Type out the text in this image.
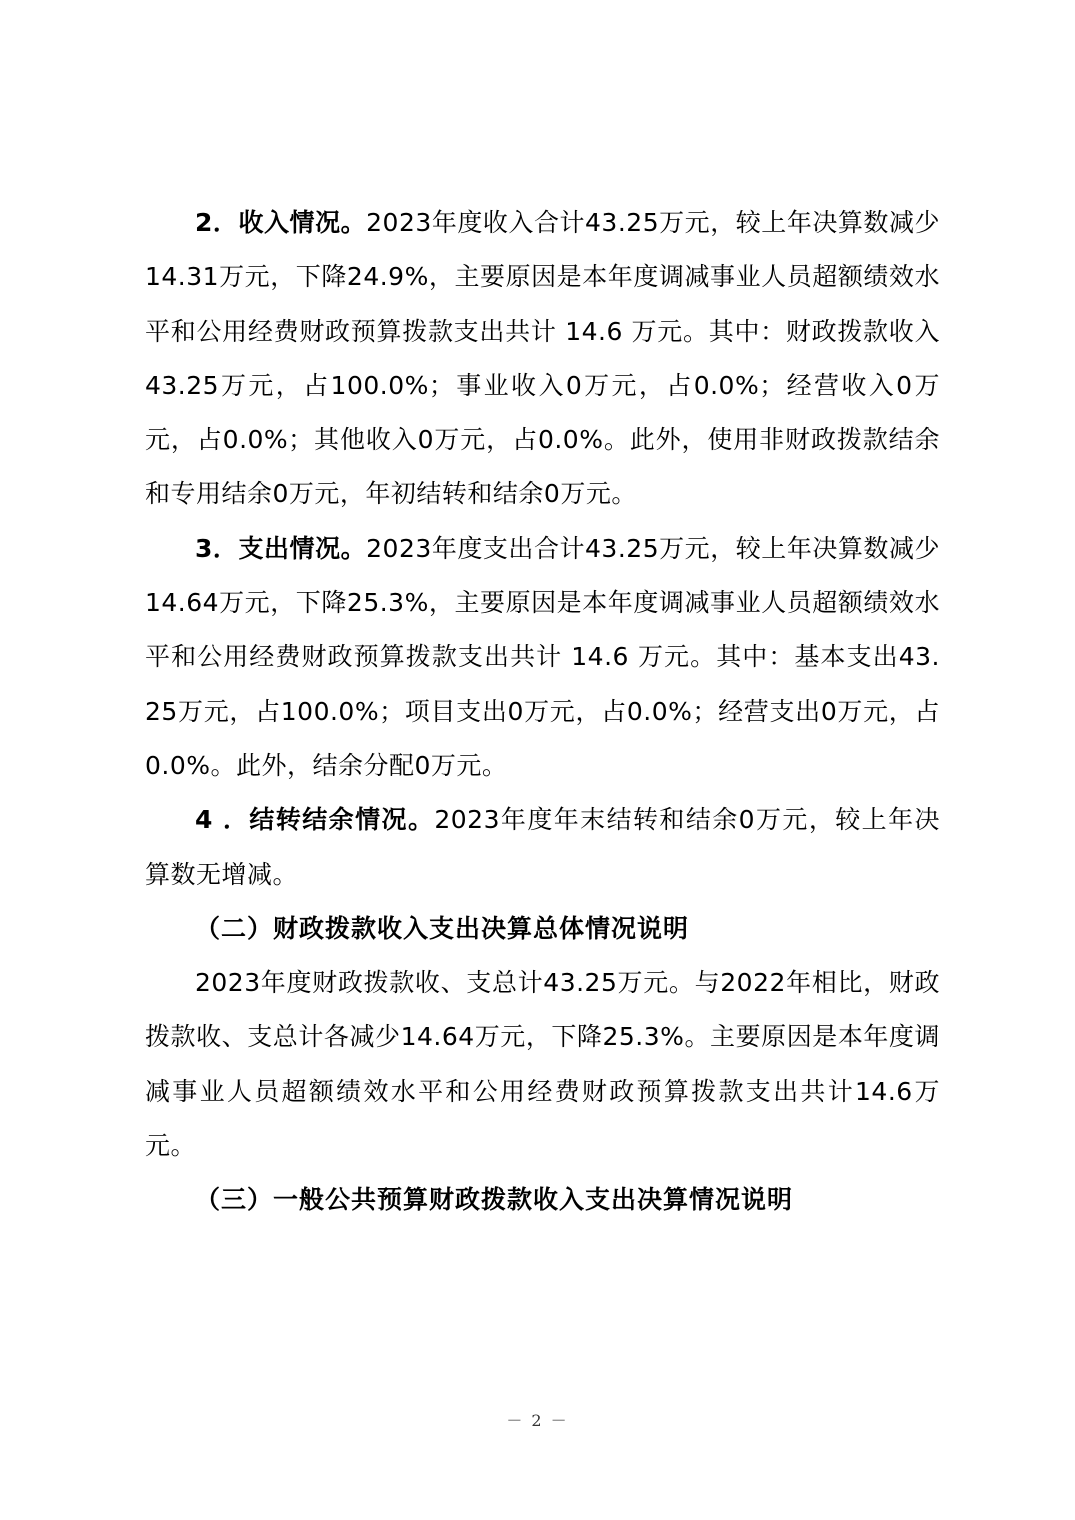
2．收入情况。2023年度收入合计43.25万元，较上年决算数减少14.31万元，下降24.9%，主要原因是本年度调减事业人员超额绩效水平和公用经费财政预算拨款支出共计 14.6 万元。其中：财政拨款收入43.25万元，占100.0%；事业收入0万元，占0.0%；经营收入0万元，占0.0%；其他收入0万元，占0.0%。此外，使用非财政拨款结余和专用结余0万元，年初结转和结余0万元。

3．支出情况。2023年度支出合计43.25万元，较上年决算数减少14.64万元，下降25.3%，主要原因是本年度调减事业人员超额绩效水平和公用经费财政预算拨款支出共计 14.6 万元。其中：基本支出43.25万元，占100.0%；项目支出0万元，占0.0%；经营支出0万元，占0.0%。此外，结余分配0万元。

4 ．结转结余情况。2023年度年末结转和结余0万元，较上年决算数无增减。

（二）财政拨款收入支出决算总体情况说明

2023年度财政拨款收、支总计43.25万元。与2022年相比，财政拨款收、支总计各减少14.64万元，下降25.3%。主要原因是本年度调减事业人员超额绩效水平和公用经费财政预算拨款支出共计14.6万元。

（三）一般公共预算财政拨款收入支出决算情况说明

－ 2 －
